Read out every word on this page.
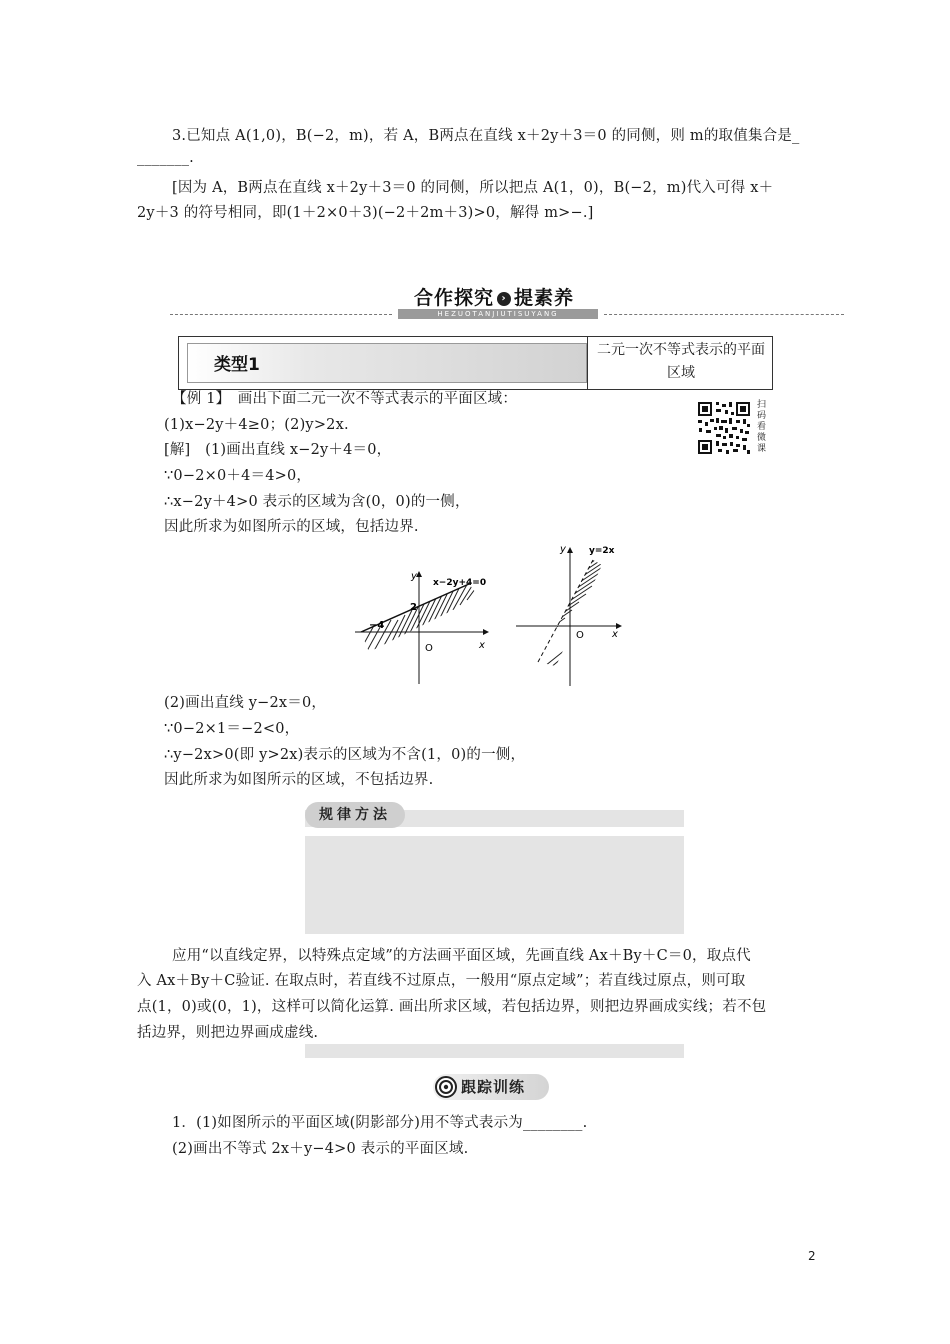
3.已知点 A(1,0)，B(−2，m)，若 A，B两点在直线 x＋2y＋3＝0 的同侧，则 m的取值集合是_
_______.
[因为 A，B两点在直线 x＋2y＋3＝0 的同侧，所以把点 A(1，0)，B(−2，m)代入可得 x＋
2y＋3 的符号相同，即(1＋2×0＋3)(−2＋2m＋3)>0，解得 m>−.]
合作探究 › 提素养
HEZUOTANJIUTISUYANG
类型1
二元一次不等式表示的平面区域
扫码看微课
【例 1】　画出下面二元一次不等式表示的平面区域：
(1)x−2y＋4≥0；(2)y>2x.
[解]　(1)画出直线 x−2y＋4＝0，
∵0−2×0＋4＝4>0，
∴x−2y＋4>0 表示的区域为含(0，0)的一侧，
因此所求为如图所示的区域，包括边界.
y
x
O
2
−4
x−2y+4=0
y
x
O
y=2x
(2)画出直线 y−2x＝0，
∵0−2×1＝−2<0，
∴y−2x>0(即 y>2x)表示的区域为不含(1，0)的一侧，
因此所求为如图所示的区域，不包括边界.
规律方法
应用“以直线定界，以特殊点定域”的方法画平面区域，先画直线 Ax＋By＋C＝0，取点代
入 Ax＋By＋C验证. 在取点时，若直线不过原点，一般用“原点定域”；若直线过原点，则可取
点(1，0)或(0，1)，这样可以简化运算. 画出所求区域，若包括边界，则把边界画成实线；若不包
括边界，则把边界画成虚线.
跟踪训练
1．(1)如图所示的平面区域(阴影部分)用不等式表示为________.
(2)画出不等式 2x＋y−4>0 表示的平面区域.
2
